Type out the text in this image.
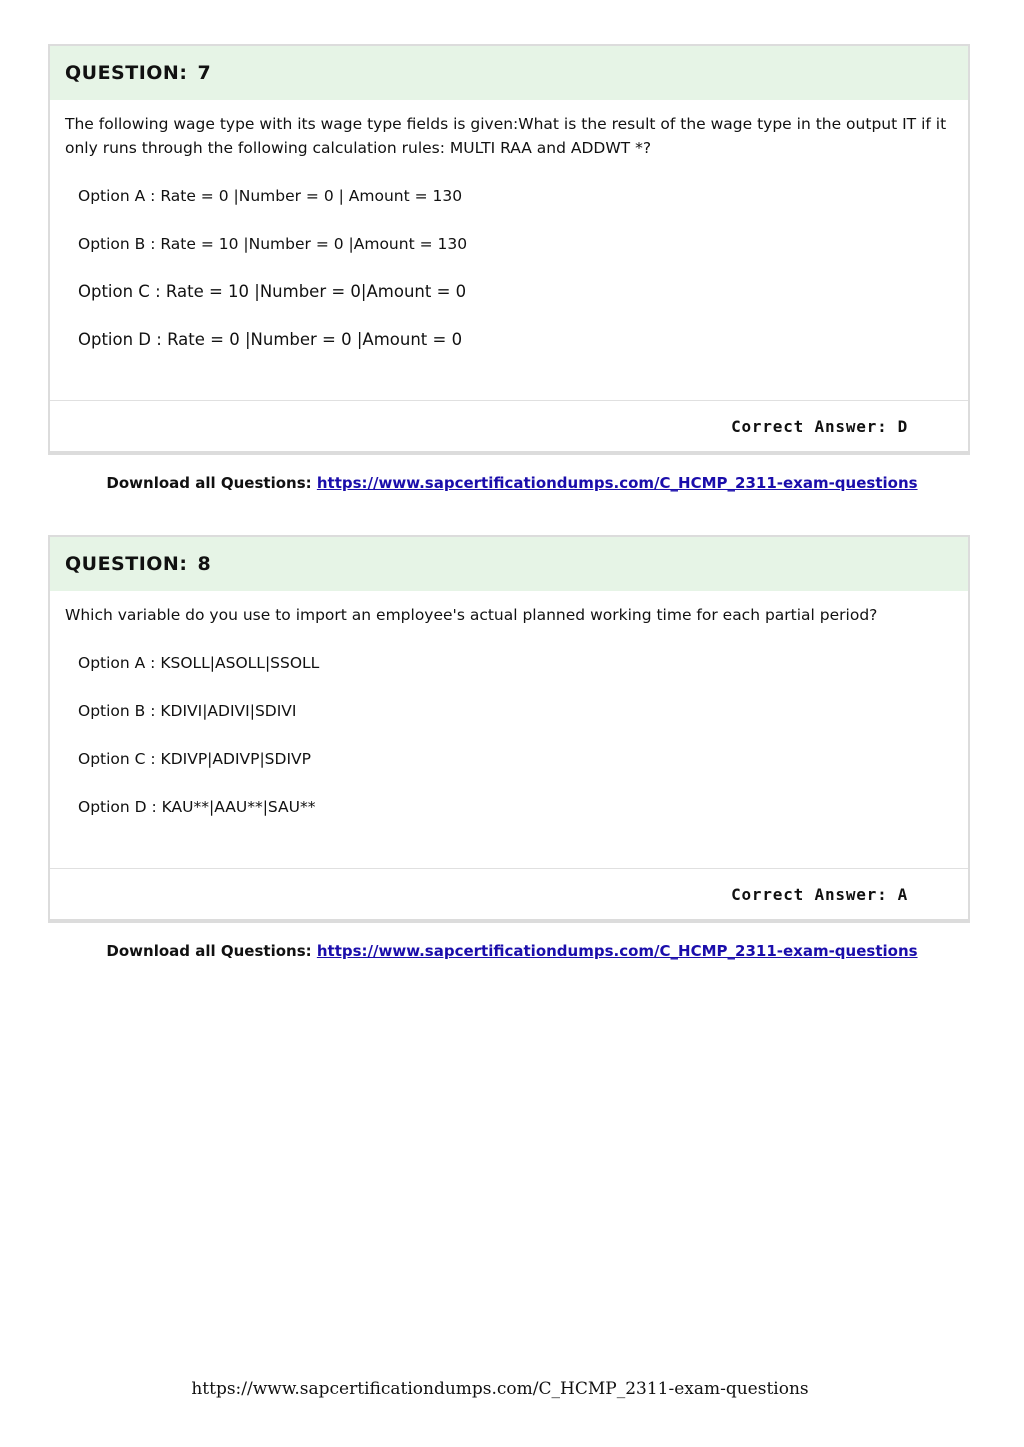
QUESTION: 7
The following wage type with its wage type fields is given:What is the result of the wage type in the output IT if it only runs through the following calculation rules: MULTI RAA and ADDWT *?
Option A : Rate = 0 |Number = 0 | Amount = 130
Option B : Rate = 10 |Number = 0 |Amount = 130
Option C : Rate = 10 |Number = 0|Amount = 0
Option D : Rate = 0 |Number = 0 |Amount = 0
Correct Answer: D
Download all Questions: https://www.sapcertificationdumps.com/C_HCMP_2311-exam-questions
QUESTION: 8
Which variable do you use to import an employee's actual planned working time for each partial period?
Option A : KSOLL|ASOLL|SSOLL
Option B : KDIVI|ADIVI|SDIVI
Option C : KDIVP|ADIVP|SDIVP
Option D : KAU**|AAU**|SAU**
Correct Answer: A
Download all Questions: https://www.sapcertificationdumps.com/C_HCMP_2311-exam-questions
https://www.sapcertificationdumps.com/C_HCMP_2311-exam-questions
